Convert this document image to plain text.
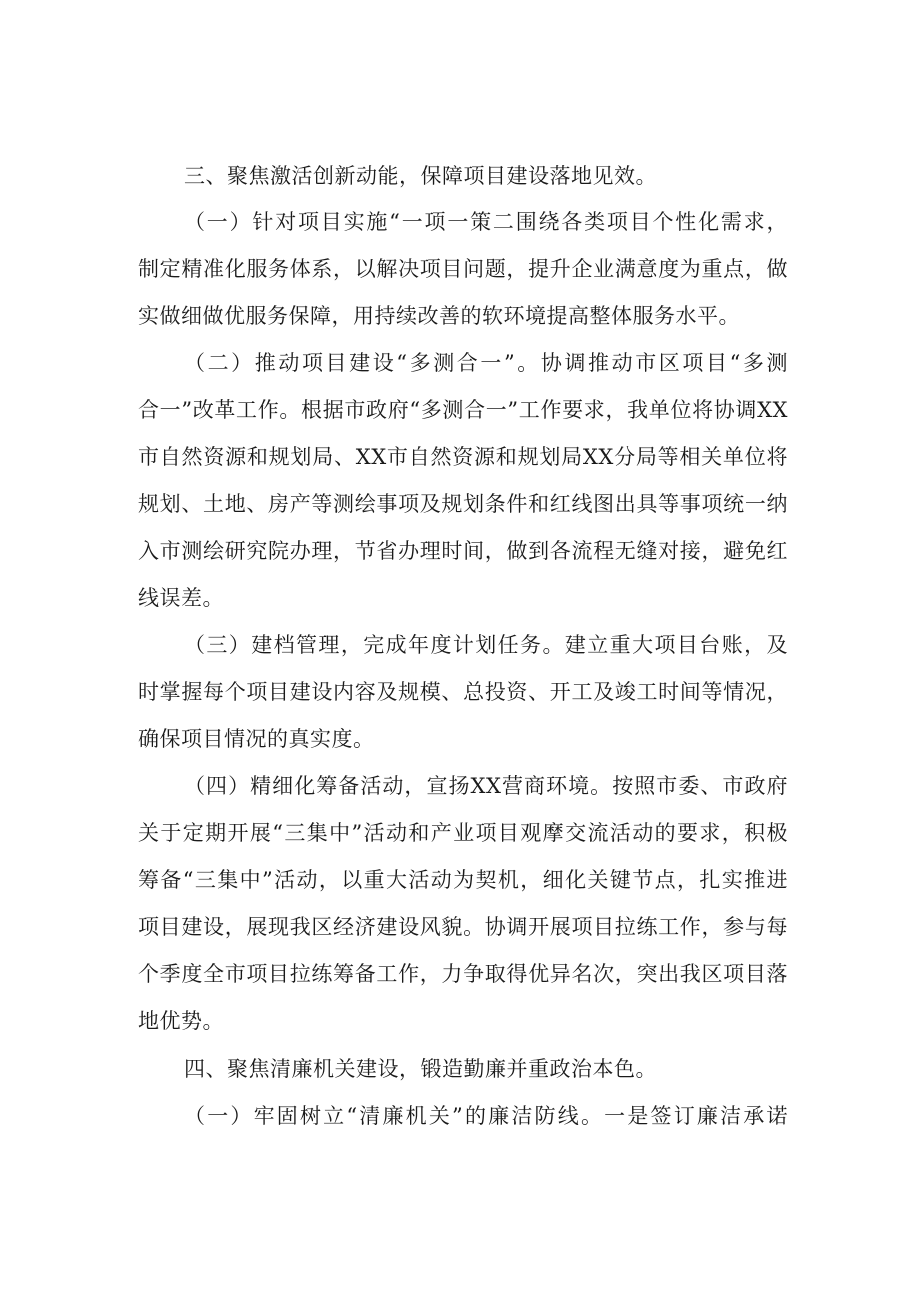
三、聚焦激活创新动能，保障项目建设落地见效。
（一）针对项目实施“一项一策二围绕各类项目个性化需求，
制定精准化服务体系，以解决项目问题，提升企业满意度为重点，做
实做细做优服务保障，用持续改善的软环境提高整体服务水平。
（二）推动项目建设“多测合一”。协调推动市区项目“多测
合一”改革工作。根据市政府“多测合一”工作要求，我单位将协调XX
市自然资源和规划局、XX市自然资源和规划局XX分局等相关单位将
规划、土地、房产等测绘事项及规划条件和红线图出具等事项统一纳
入市测绘研究院办理，节省办理时间，做到各流程无缝对接，避免红
线误差。
（三）建档管理，完成年度计划任务。建立重大项目台账，及
时掌握每个项目建设内容及规模、总投资、开工及竣工时间等情况，
确保项目情况的真实度。
（四）精细化筹备活动，宣扬XX营商环境。按照市委、市政府
关于定期开展“三集中”活动和产业项目观摩交流活动的要求，积极
筹备“三集中”活动，以重大活动为契机，细化关键节点，扎实推进
项目建设，展现我区经济建设风貌。协调开展项目拉练工作，参与每
个季度全市项目拉练筹备工作，力争取得优异名次，突出我区项目落
地优势。
四、聚焦清廉机关建设，锻造勤廉并重政治本色。
（一）牢固树立“清廉机关”的廉洁防线。一是签订廉洁承诺
